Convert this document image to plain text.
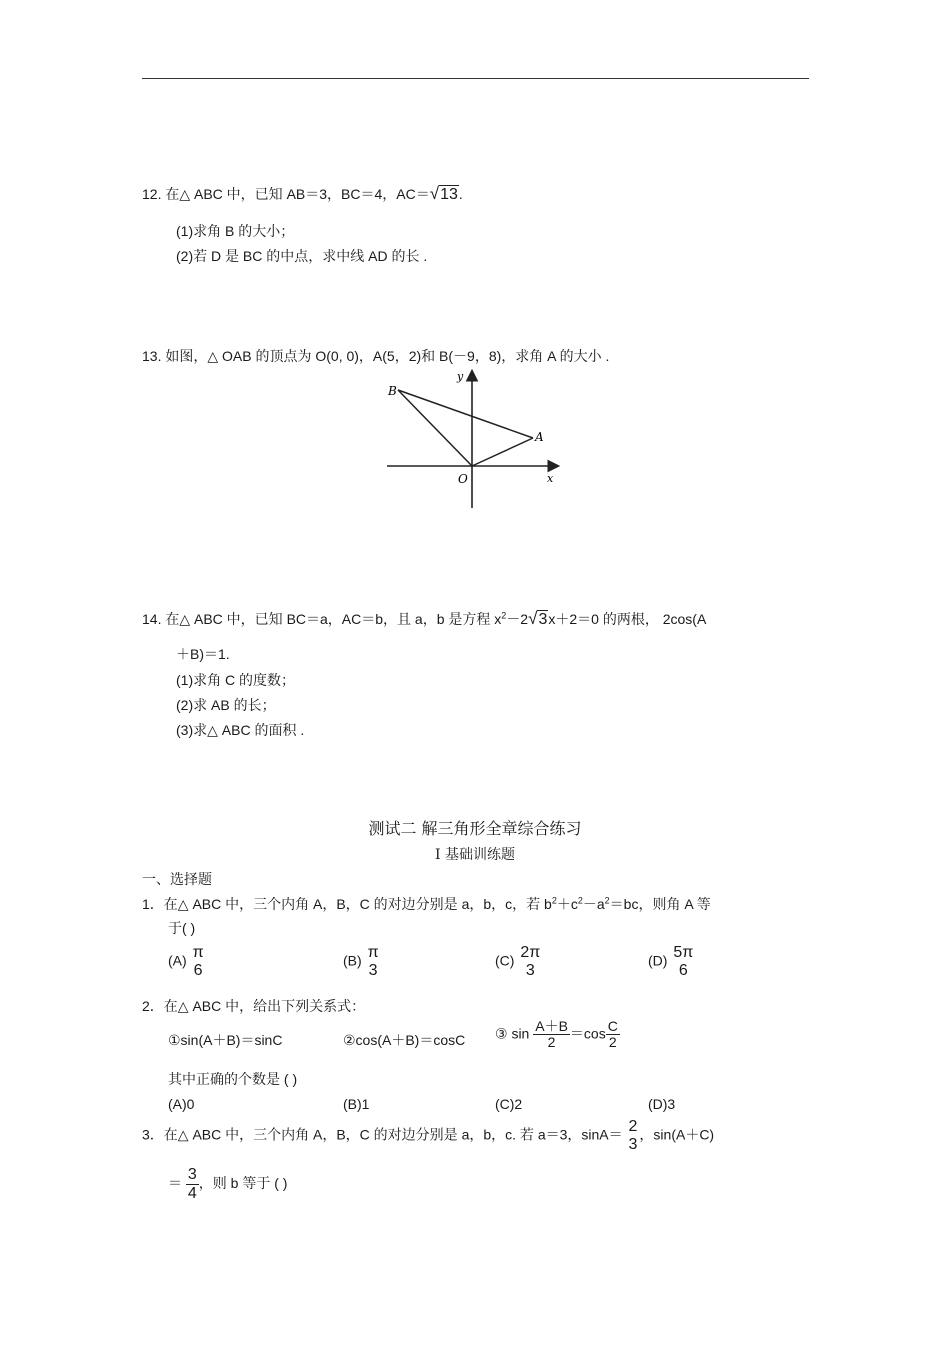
12. 在△ ABC 中，已知 AB＝3，BC＝4，AC＝√13.
(1)求角 B 的大小；
(2)若 D 是 BC 的中点，求中线 AD 的长 .
13. 如图，△ OAB 的顶点为 O(0, 0)，A(5，2)和 B(－9，8)，求角 A 的大小 .
B
A
O	x
y
14. 在△ ABC 中，已知 BC＝a，AC＝b，且 a，b 是方程 $x^2-2√3x+2=0$ 的两根， 2cos(A
＋B)＝1.
(1)求角 C 的度数；
(2)求 AB 的长；
(3)求△ ABC 的面积 .
测试二 解三角形全章综合练习
Ⅰ 基础训练题
一、选择题
1．在△ ABC 中，三个内角 A，B，C 的对边分别是 a，b，c，若 $b^2+c^2-a^2=bc$，则角 A 等
于( )
(A) π
6
(B) π
3
(C) 2π
3
(D) 5π
6
2．在△ ABC 中，给出下列关系式：
①sin(A＋B)＝sinC	②cos(A＋B)＝cosC ③ $\sin \frac{A+B}{2} =\cos \frac{C}{2}$
其中正确的个数是 ( )
(A)0	(B)1	(C)2	(D)3
3．在△ ABC 中，三个内角 A，B，C 的对边分别是 a，b，c. 若 a＝3，sinA＝ 2
3
，sin(A＋C)
＝ $\frac{3}{4}$ ，则 b 等于 ( )
